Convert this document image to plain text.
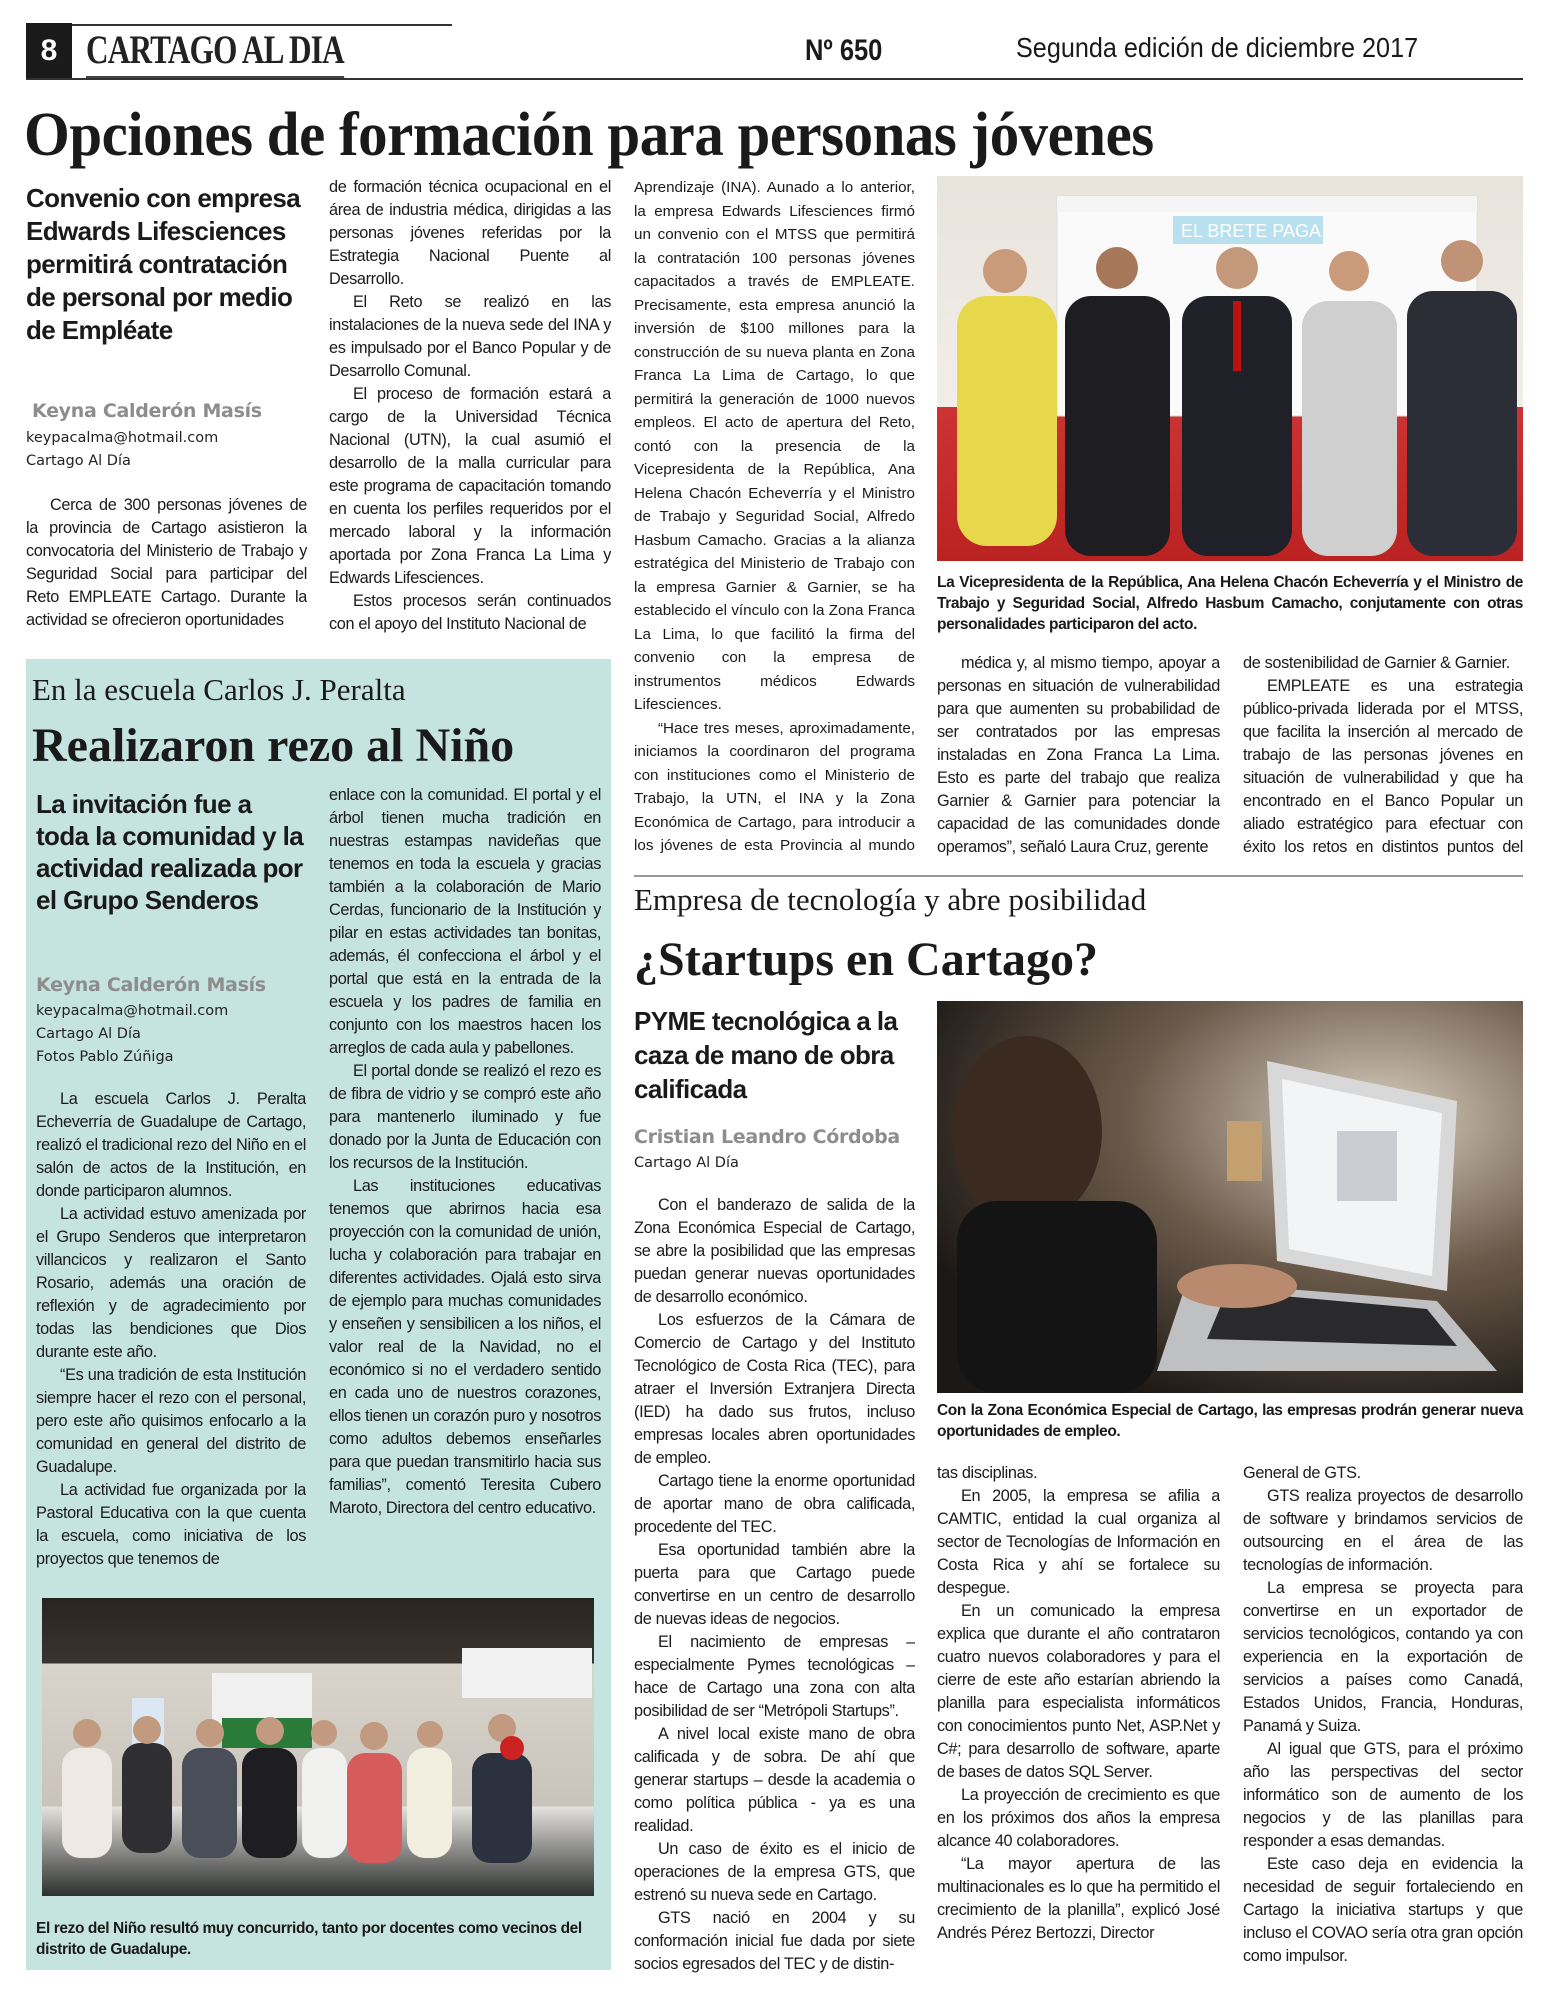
8 CARTAGO AL DIA	Nº 650	Segunda edición de diciembre 2017
Opciones de formación para personas jóvenes
Convenio con empresa Edwards Lifesciences permitirá contratación de personal por medio de Empléate
Keyna Calderón Masís
keypacalma@hotmail.com
Cartago Al Día

Cerca de 300 personas jóvenes de la provincia de Cartago asistieron la convocatoria del Ministerio de Trabajo y Seguridad Social para participar del Reto EMPLEATE Cartago. Durante la actividad se ofrecieron oportunidades

de formación técnica ocupacional en el área de industria médica, dirigidas a las personas jóvenes referidas por la Estrategia Nacional Puente al Desarrollo.

El Reto se realizó en las instalaciones de la nueva sede del INA y es impulsado por el Banco Popular y de Desarrollo Comunal.

El proceso de formación estará a cargo de la Universidad Técnica Nacional (UTN), la cual asumió el desarrollo de la malla curricular para este programa de capacitación tomando en cuenta los perfiles requeridos por el mercado laboral y la información aportada por Zona Franca La Lima y Edwards Lifesciences.

Estos procesos serán continuados con el apoyo del Instituto Nacional de

Aprendizaje (INA). Aunado a lo anterior, la empresa Edwards Lifesciences firmó un convenio con el MTSS que permitirá la contratación 100 personas jóvenes capacitados a través de EMPLEATE. Precisamente, esta empresa anunció la inversión de $100 millones para la construcción de su nueva planta en Zona Franca La Lima de Cartago, lo que permitirá la generación de 1000 nuevos empleos. El acto de apertura del Reto, contó con la presencia de la Vicepresidenta de la República, Ana Helena Chacón Echeverría y el Ministro de Trabajo y Seguridad Social, Alfredo Hasbum Camacho. Gracias a la alianza estratégica del Ministerio de Trabajo con la empresa Garnier & Garnier, se ha establecido el vínculo con la Zona Franca La Lima, lo que facilitó la firma del convenio con la empresa de instrumentos médicos Edwards Lifesciences.

“Hace tres meses, aproximadamente, iniciamos la coordinaron del programa con instituciones como el Ministerio de Trabajo, la UTN, el INA y la Zona Económica de Cartago, para introducir a los jóvenes de esta Provincia al mundo

EL BRETE PAGA
La Vicepresidenta de la República, Ana Helena Chacón Echeverría y el Ministro de Trabajo y Seguridad Social, Alfredo Hasbum Camacho, conjutamente con otras personalidades participaron del acto.

médica y, al mismo tiempo, apoyar a personas en situación de vulnerabilidad para que aumenten su probabilidad de ser contratados por las empresas instaladas en Zona Franca La Lima. Esto es parte del trabajo que realiza Garnier & Garnier para potenciar la capacidad de las comunidades donde operamos”, señaló Laura Cruz, gerente

de sostenibilidad de Garnier & Garnier.

EMPLEATE es una estrategia público-privada liderada por el MTSS, que facilita la inserción al mercado de trabajo de las personas jóvenes en situación de vulnerabilidad y que ha encontrado en el Banco Popular un aliado estratégico para efectuar con éxito los retos en distintos puntos del

En la escuela Carlos J. Peralta
Realizaron rezo al Niño
La invitación fue a toda la comunidad y la actividad realizada por el Grupo Senderos
Keyna Calderón Masís
keypacalma@hotmail.com
Cartago Al Día
Fotos Pablo Zúñiga

La escuela Carlos J. Peralta Echeverría de Guadalupe de Cartago, realizó el tradicional rezo del Niño en el salón de actos de la Institución, en donde participaron alumnos.

La actividad estuvo amenizada por el Grupo Senderos que interpretaron villancicos y realizaron el Santo Rosario, además una oración de reflexión y de agradecimiento por todas las bendiciones que Dios durante este año.

“Es una tradición de esta Institución siempre hacer el rezo con el personal, pero este año quisimos enfocarlo a la comunidad en general del distrito de Guadalupe.

La actividad fue organizada por la Pastoral Educativa con la que cuenta la escuela, como iniciativa de los proyectos que tenemos de

enlace con la comunidad. El portal y el árbol tienen mucha tradición en nuestras estampas navideñas que tenemos en toda la escuela y gracias también a la colaboración de Mario Cerdas, funcionario de la Institución y pilar en estas actividades tan bonitas, además, él confecciona el árbol y el portal que está en la entrada de la escuela y los padres de familia en conjunto con los maestros hacen los arreglos de cada aula y pabellones.

El portal donde se realizó el rezo es de fibra de vidrio y se compró este año para mantenerlo iluminado y fue donado por la Junta de Educación con los recursos de la Institución.

Las instituciones educativas tenemos que abrirnos hacia esa proyección con la comunidad de unión, lucha y colaboración para trabajar en diferentes actividades. Ojalá esto sirva de ejemplo para muchas comunidades y enseñen y sensibilicen a los niños, el valor real de la Navidad, no el económico si no el verdadero sentido en cada uno de nuestros corazones, ellos tienen un corazón puro y nosotros como adultos debemos enseñarles para que puedan transmitirlo hacia sus familias”, comentó Teresita Cubero Maroto, Directora del centro educativo.

El rezo del Niño resultó muy concurrido, tanto por docentes como vecinos del distrito de Guadalupe.
Empresa de tecnología y abre posibilidad
¿Startups en Cartago?
PYME tecnológica a la caza de mano de obra calificada
Cristian Leandro Córdoba
Cartago Al Día

Con el banderazo de salida de la Zona Económica Especial de Cartago, se abre la posibilidad que las empresas puedan generar nuevas oportunidades de desarrollo económico.

Los esfuerzos de la Cámara de Comercio de Cartago y del Instituto Tecnológico de Costa Rica (TEC), para atraer el Inversión Extranjera Directa (IED) ha dado sus frutos, incluso empresas locales abren oportunidades de empleo.

Cartago tiene la enorme oportunidad de aportar mano de obra calificada, procedente del TEC.

Esa oportunidad también abre la puerta para que Cartago puede convertirse en un centro de desarrollo de nuevas ideas de negocios.

El nacimiento de empresas – especialmente Pymes tecnológicas – hace de Cartago una zona con alta posibilidad de ser “Metrópoli Startups”.

A nivel local existe mano de obra calificada y de sobra. De ahí que generar startups – desde la academia o como política pública - ya es una realidad.

Un caso de éxito es el inicio de operaciones de la empresa GTS, que estrenó su nueva sede en Cartago.

GTS nació en 2004 y su conformación inicial fue dada por siete socios egresados del TEC y de distin-

Con la Zona Económica Especial de Cartago, las empresas prodrán generar nueva oportunidades de empleo.

tas disciplinas.

En 2005, la empresa se afilia a CAMTIC, entidad la cual organiza al sector de Tecnologías de Información en Costa Rica y ahí se fortalece su despegue.

En un comunicado la empresa explica que durante el año contrataron cuatro nuevos colaboradores y para el cierre de este año estarían abriendo la planilla para especialista informáticos con conocimientos punto Net, ASP.Net y C#; para desarrollo de software, aparte de bases de datos SQL Server.

La proyección de crecimiento es que en los próximos dos años la empresa alcance 40 colaboradores.

“La mayor apertura de las multinacionales es lo que ha permitido el crecimiento de la planilla”, explicó José Andrés Pérez Bertozzi, Director

General de GTS.

GTS realiza proyectos de desarrollo de software y brindamos servicios de outsourcing en el área de las tecnologías de información.

La empresa se proyecta para convertirse en un exportador de servicios tecnológicos, contando ya con experiencia en la exportación de servicios a países como Canadá, Estados Unidos, Francia, Honduras, Panamá y Suiza.

Al igual que GTS, para el próximo año las perspectivas del sector informático son de aumento de los negocios y de las planillas para responder a esas demandas.

Este caso deja en evidencia la necesidad de seguir fortaleciendo en Cartago la iniciativa startups y que incluso el COVAO sería otra gran opción como impulsor.
